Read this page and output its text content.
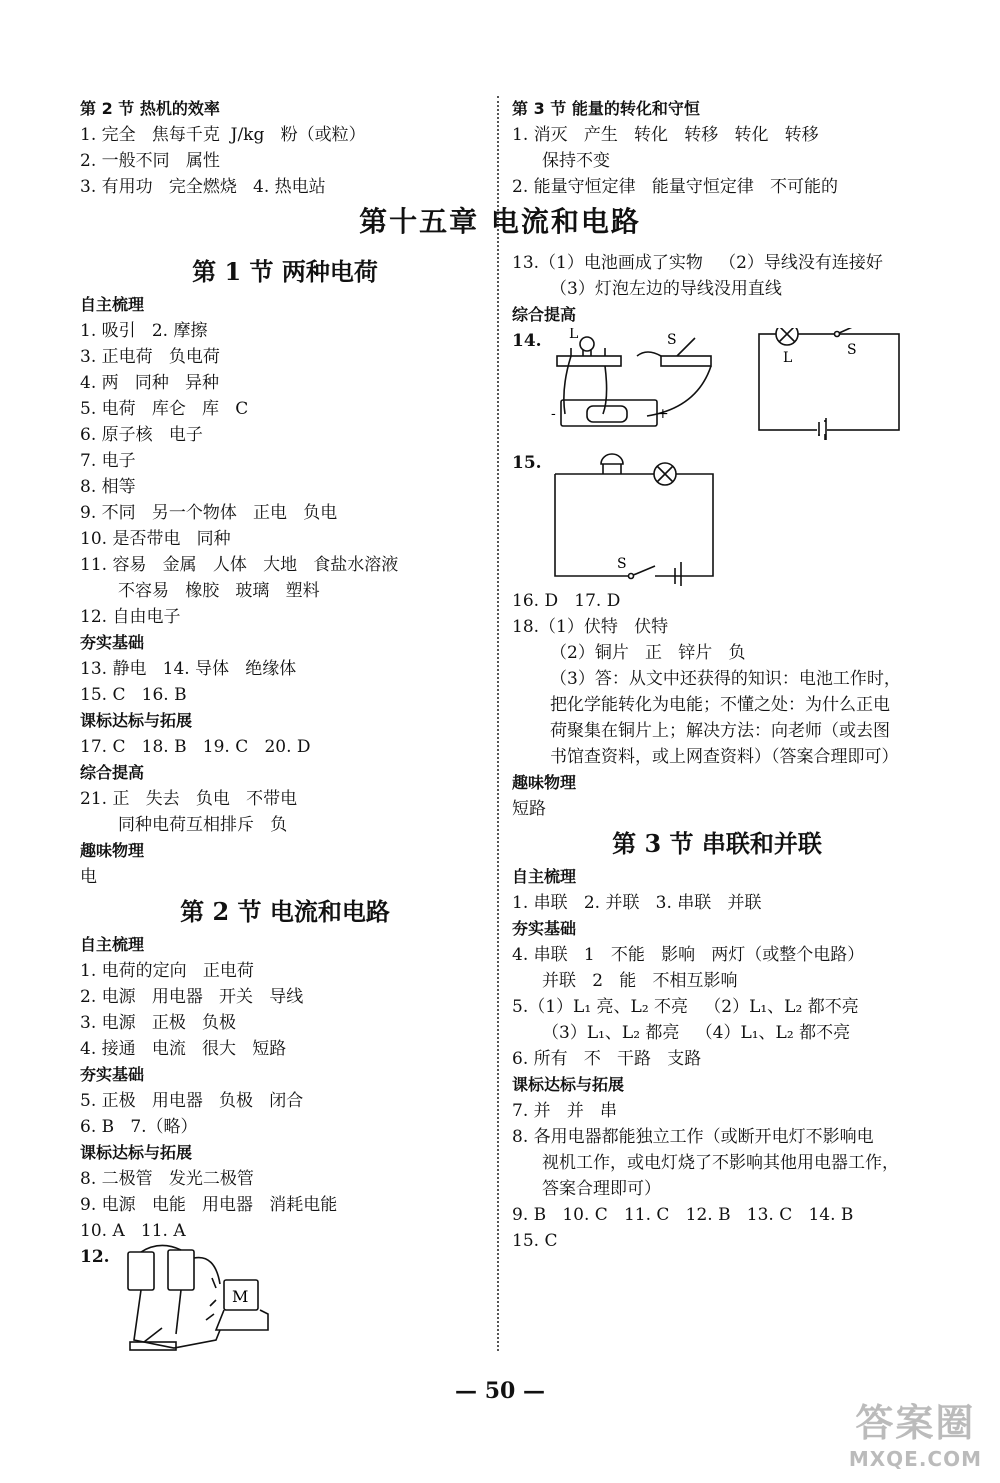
第 2 节 热机的效率
1. 完全   焦每千克  J/kg   粉（或粒）
2. 一般不同   属性
3. 有用功   完全燃烧   4. 热电站
第 3 节 能量的转化和守恒
1. 消灭   产生   转化   转移   转化   转移
保持不变
2. 能量守恒定律   能量守恒定律   不可能的
第十五章 电流和电路
第 1 节 两种电荷
自主梳理
1. 吸引   2. 摩擦
3. 正电荷   负电荷
4. 两   同种   异种
5. 电荷   库仑   库   C
6. 原子核   电子
7. 电子
8. 相等
9. 不同   另一个物体   正电   负电
10. 是否带电   同种
11. 容易   金属   人体   大地   食盐水溶液
不容易   橡胶   玻璃   塑料
12. 自由电子
夯实基础
13. 静电   14. 导体   绝缘体
15. C   16. B
课标达标与拓展
17. C   18. B   19. C   20. D
综合提高
21. 正   失去   负电   不带电
同种电荷互相排斥   负
趣味物理
电
第 2 节 电流和电路
自主梳理
1. 电荷的定向   正电荷
2. 电源   用电器   开关   导线
3. 电源   正极   负极
4. 接通   电流   很大   短路
夯实基础
5. 正极   用电器   负极   闭合
6. B   7.（略）
课标达标与拓展
8. 二极管   发光二极管
9. 电源   电能   用电器   消耗电能
10. A   11. A
12.
M
13.（1）电池画成了实物   （2）导线没有连接好
（3）灯泡左边的导线没用直线
综合提高
14. L	S
-	+
L	S
15.
S
16. D   17. D
18.（1）伏特   伏特
（2）铜片   正   锌片   负
（3）答：从文中还获得的知识：电池工作时，
把化学能转化为电能；不懂之处：为什么正电
荷聚集在铜片上；解决方法：向老师（或去图
书馆查资料，或上网查资料）（答案合理即可）
趣味物理
短路
第 3 节 串联和并联
自主梳理
1. 串联   2. 并联   3. 串联   并联
夯实基础
4. 串联   1   不能   影响   两灯（或整个电路）
并联   2   能   不相互影响
5.（1）L₁ 亮、L₂ 不亮   （2）L₁、L₂ 都不亮
（3）L₁、L₂ 都亮   （4）L₁、L₂ 都不亮
6. 所有   不   干路   支路
课标达标与拓展
7. 并   并   串
8. 各用电器都能独立工作（或断开电灯不影响电
视机工作，或电灯烧了不影响其他用电器工作，
答案合理即可）
9. B   10. C   11. C   12. B   13. C   14. B
15. C
— 50 —
答案圈
MXQE.COM
